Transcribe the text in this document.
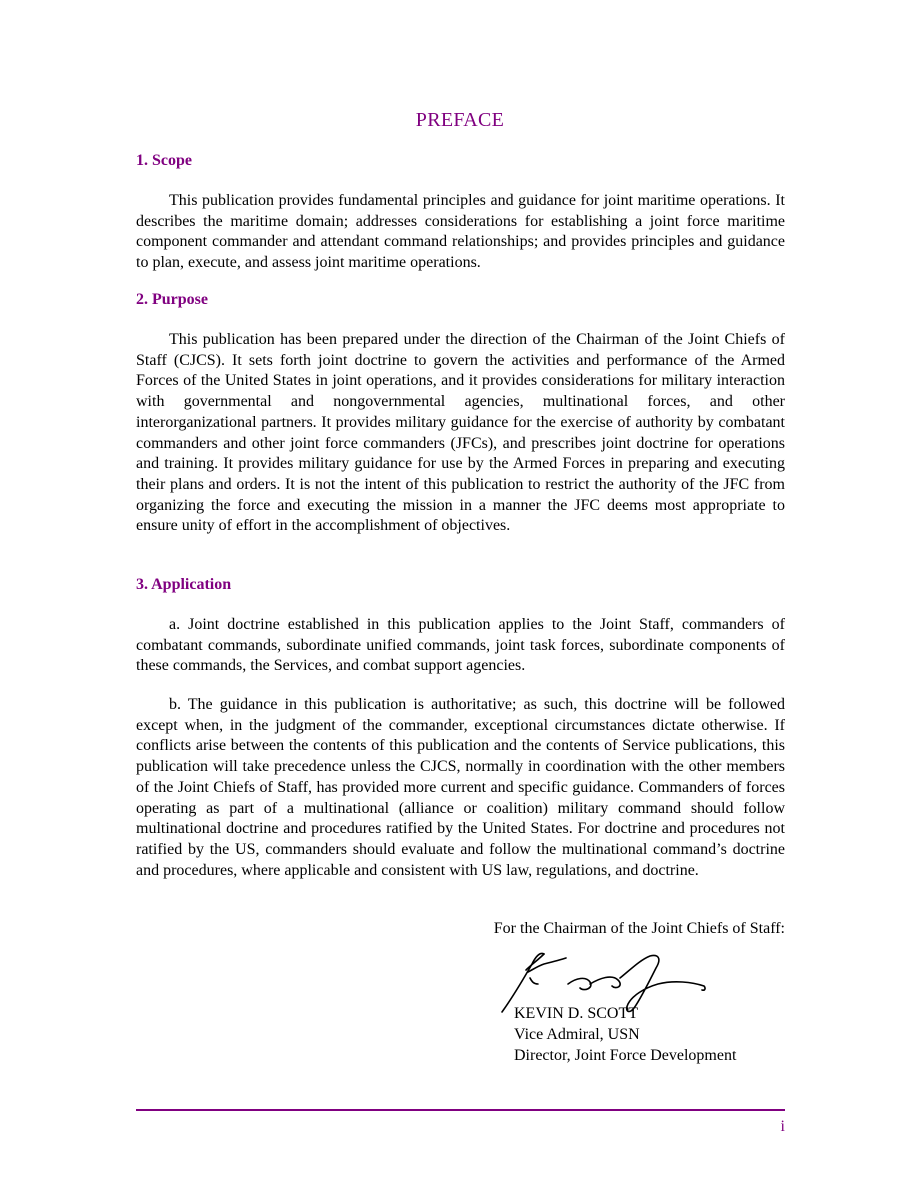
PREFACE
1. Scope

This publication provides fundamental principles and guidance for joint maritime operations. It describes the maritime domain; addresses considerations for establishing a joint force maritime component commander and attendant command relationships; and provides principles and guidance to plan, execute, and assess joint maritime operations.

2. Purpose

This publication has been prepared under the direction of the Chairman of the Joint Chiefs of Staff (CJCS). It sets forth joint doctrine to govern the activities and performance of the Armed Forces of the United States in joint operations, and it provides considerations for military interaction with governmental and nongovernmental agencies, multinational forces, and other interorganizational partners. It provides military guidance for the exercise of authority by combatant commanders and other joint force commanders (JFCs), and prescribes joint doctrine for operations and training. It provides military guidance for use by the Armed Forces in preparing and executing their plans and orders. It is not the intent of this publication to restrict the authority of the JFC from organizing the force and executing the mission in a manner the JFC deems most appropriate to ensure unity of effort in the accomplishment of objectives.

3. Application

a. Joint doctrine established in this publication applies to the Joint Staff, commanders of combatant commands, subordinate unified commands, joint task forces, subordinate components of these commands, the Services, and combat support agencies.

b. The guidance in this publication is authoritative; as such, this doctrine will be followed except when, in the judgment of the commander, exceptional circumstances dictate otherwise. If conflicts arise between the contents of this publication and the contents of Service publications, this publication will take precedence unless the CJCS, normally in coordination with the other members of the Joint Chiefs of Staff, has provided more current and specific guidance. Commanders of forces operating as part of a multinational (alliance or coalition) military command should follow multinational doctrine and procedures ratified by the United States. For doctrine and procedures not ratified by the US, commanders should evaluate and follow the multinational command’s doctrine and procedures, where applicable and consistent with US law, regulations, and doctrine.

For the Chairman of the Joint Chiefs of Staff:
KEVIN D. SCOTT
Vice Admiral, USN
Director, Joint Force Development
i
